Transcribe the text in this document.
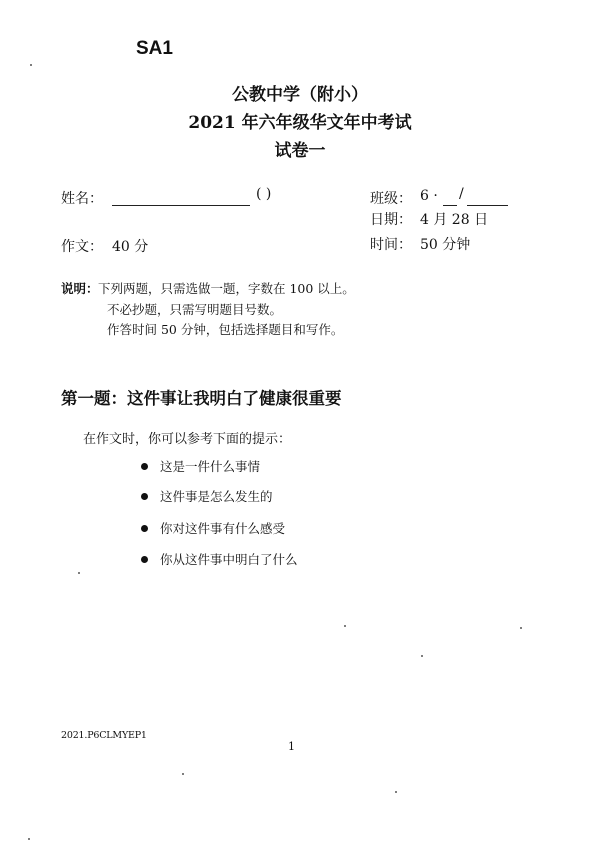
SA1
公教中学（附小）
2021 年六年级华文年中考试
试卷一
姓名：	( )	班级： 6 · /
日期： 4 月 28 日
作文： 40 分	时间： 50 分钟
说明： 下列两题，只需选做一题，字数在 100 以上。
不必抄题，只需写明题目号数。
作答时间 50 分钟，包括选择题目和写作。
第一题：这件事让我明白了健康很重要
在作文时，你可以参考下面的提示：
这是一件什么事情
这件事是怎么发生的
你对这件事有什么感受
你从这件事中明白了什么
2021.P6CLMYEP1
1
